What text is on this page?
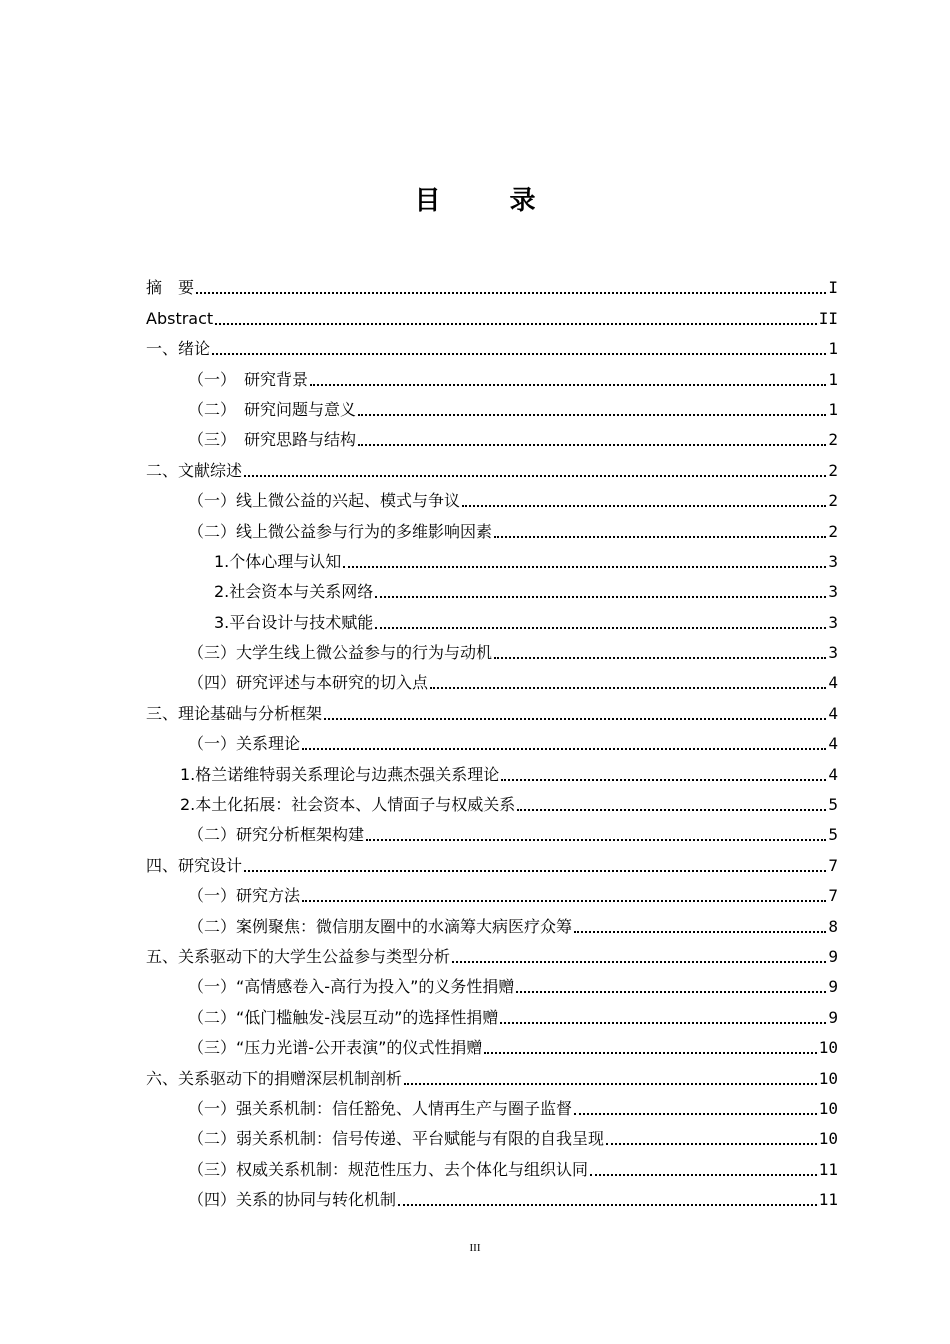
目 录
摘　要	I
Abstract	II
一、绪论	1
（一）　研究背景	1
（二）　研究问题与意义	1
（三）　研究思路与结构	2
二、文献综述	2
（一）线上微公益的兴起、模式与争议	2
（二）线上微公益参与行为的多维影响因素	2
1.个体心理与认知	3
2.社会资本与关系网络	3
3.平台设计与技术赋能	3
（三）大学生线上微公益参与的行为与动机	3
（四）研究评述与本研究的切入点	4
三、理论基础与分析框架	4
（一）关系理论	4
1.格兰诺维特弱关系理论与边燕杰强关系理论	4
2.本土化拓展：社会资本、人情面子与权威关系	5
（二）研究分析框架构建	5
四、研究设计	7
（一）研究方法	7
（二）案例聚焦：微信朋友圈中的水滴筹大病医疗众筹	8
五、关系驱动下的大学生公益参与类型分析	9
（一）“高情感卷入-高行为投入”的义务性捐赠	9
（二）“低门槛触发-浅层互动”的选择性捐赠	9
（三）“压力光谱-公开表演”的仪式性捐赠	10
六、关系驱动下的捐赠深层机制剖析	10
（一）强关系机制：信任豁免、人情再生产与圈子监督	10
（二）弱关系机制：信号传递、平台赋能与有限的自我呈现	10
（三）权威关系机制：规范性压力、去个体化与组织认同	11
（四）关系的协同与转化机制	11
III
